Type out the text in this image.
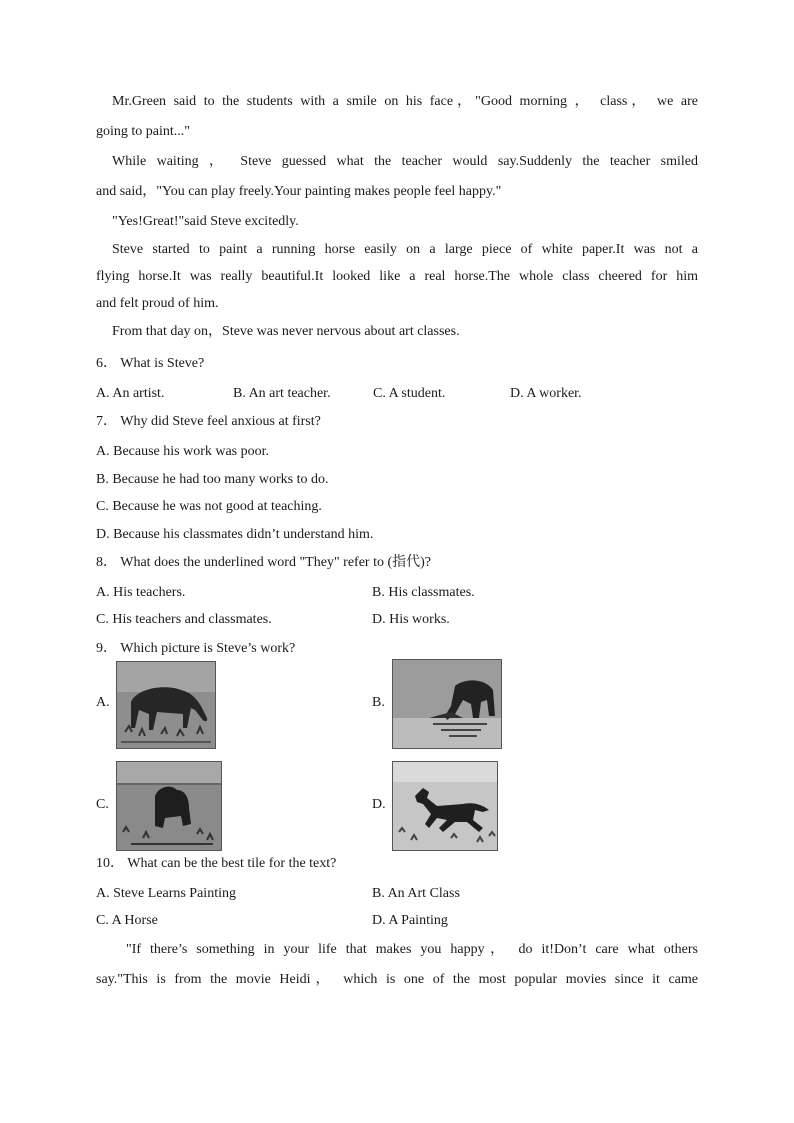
Mr.Green said to the students with a smile on his face，"Good morning ， class， we are
going to paint..."
While waiting ， Steve guessed what the teacher would say.Suddenly the teacher smiled
and said，"You can play freely.Your painting makes people feel happy."
"Yes!Great!"said Steve excitedly.
Steve started to paint a running horse easily on a large piece of white paper.It was not a
flying horse.It was really beautiful.It looked like a real horse.The whole class cheered for him
and felt proud of him.
From that day on，Steve was never nervous about art classes.
6． What is Steve?
A. An artist.	B. An art teacher.	C. A student.	D. A worker.
7． Why did Steve feel anxious at first?
A. Because his work was poor.
B. Because he had too many works to do.
C. Because he was not good at teaching.
D. Because his classmates didn’t understand him.
8． What does the underlined word "They" refer to (指代)?
A. His teachers.	B. His classmates.
C. His teachers and classmates.	D. His works.
9． Which picture is Steve’s work?
A.	B.
C.	D.
10． What can be the best tile for the text?
A. Steve Learns Painting	B. An Art Class
C. A Horse	D. A Painting
"If there’s something in your life that makes you happy， do it!Don’t care what others
say."This is from the movie Heidi， which is one of the most popular movies since it came
